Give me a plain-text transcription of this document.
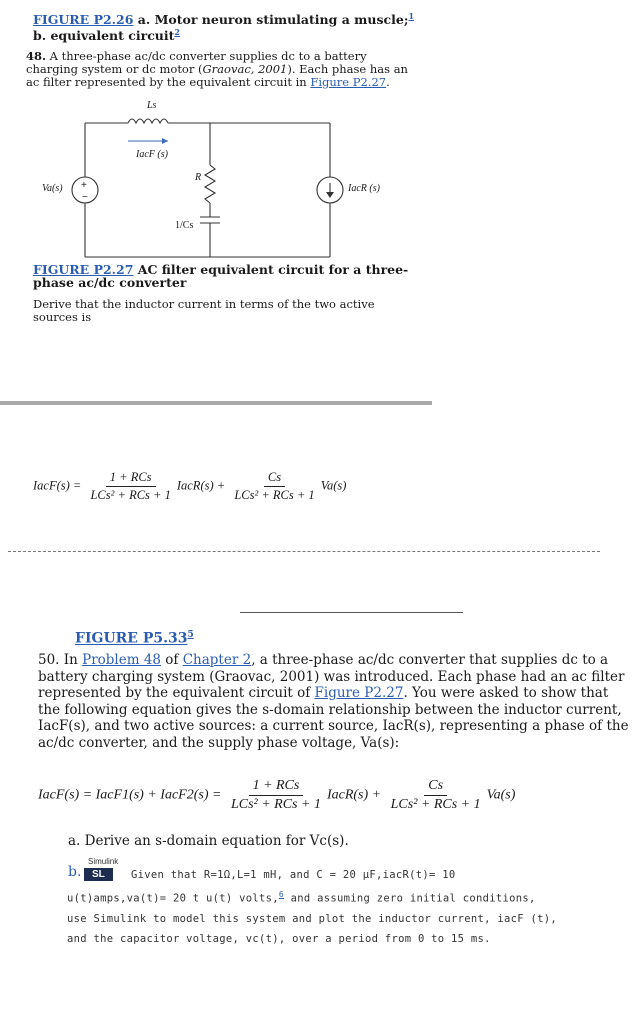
FIGURE P2.26 a. Motor neuron stimulating a muscle;$^1$
b. equivalent circuit$^2$
48. A three-phase ac/dc converter supplies dc to a battery
charging system or dc motor (Graovac, 2001). Each phase has an
ac filter represented by the equivalent circuit in Figure P2.27.
Ls
IacF (s)
R
Va(s) +
−
IacR (s)
1/Cs
FIGURE P2.27 AC filter equivalent circuit for a three-
phase ac/dc converter
Derive that the inductor current in terms of the two active
sources is
IacF(s) = $\frac{\text{1 + RCs}}{\text{LCs² + RCs + 1}}$ IacR(s) + $\frac{Cs}{\text{LCs² + RCs + 1}} Va(s)$
FIGURE P5.33$^5$
50. In Problem 48 of Chapter 2, a three-phase ac/dc converter that supplies dc to a
battery charging system (Graovac, 2001) was introduced. Each phase had an ac filter
represented by the equivalent circuit of Figure P2.27. You were asked to show that
the following equation gives the s-domain relationship between the inductor current,
IacF(s), and two active sources: a current source, IacR(s), representing a phase of the
ac/dc converter, and the supply phase voltage, Va(s):
IacF(s) = IacF1(s) + IacF2(s) = $\frac{\text{1 + RCs}}{\text{LCs² + RCs + 1}}$ IacR(s) + $\frac{Cs}{\text{LCs² + RCs + 1}} Va(s)$
a. Derive an s-domain equation for Vc(s).
b.
Simulink
SL	Given that R=1Ω,L=1 mH, and C = 20 μF,iacR(t)= 10
u(t)amps,va(t)= 20 t u(t) volts,$^6$ and assuming zero initial conditions,
use Simulink to model this system and plot the inductor current, iacF (t),
and the capacitor voltage, vc(t), over a period from 0 to 15 ms.
